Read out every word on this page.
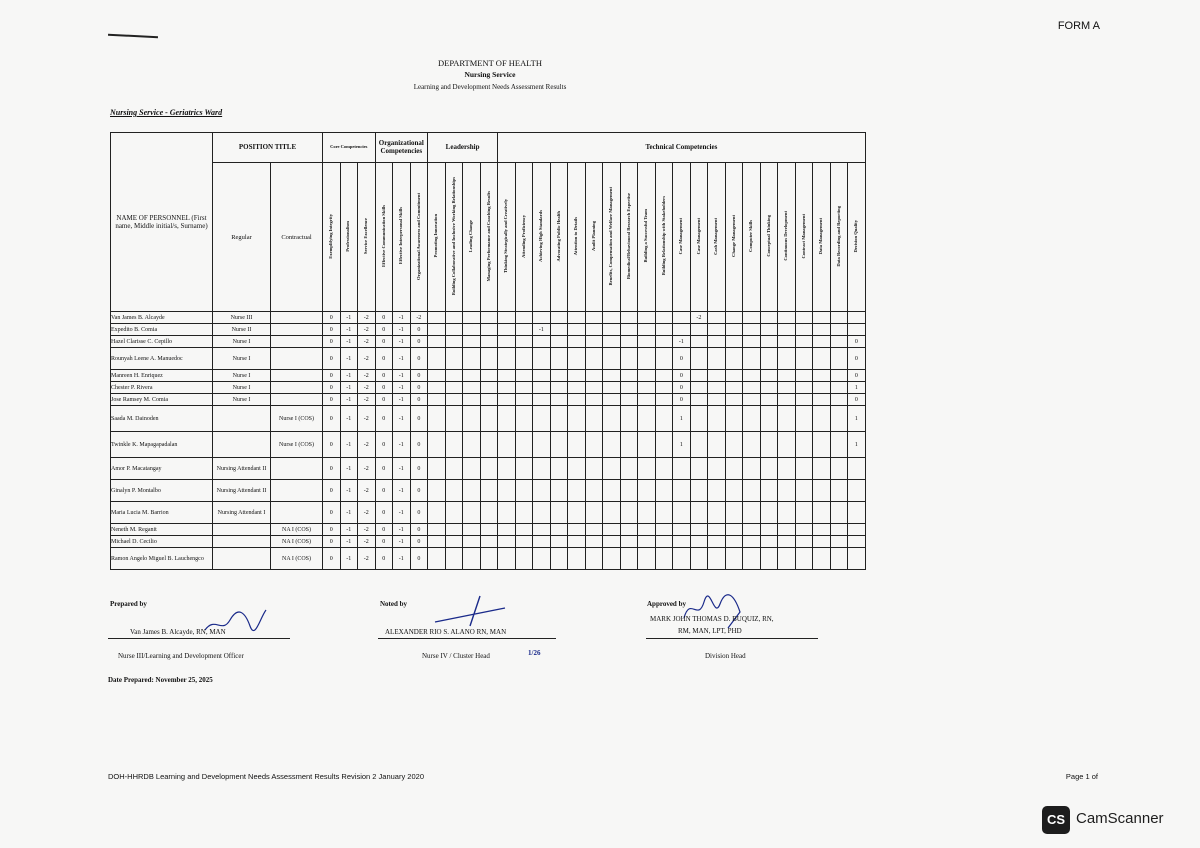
FORM A
DEPARTMENT OF HEALTH
Nursing Service
Learning and Development Needs Assessment Results
Nursing Service - Geriatrics Ward
NAME OF PERSONNEL (First name, Middle initial/s, Surname)	POSITION TITLE		Core Competencies			Organizational Competencies			Leadership				Technical Competencies																				
	Regular	Contractual	Exemplifying Integrity	Professionalism	Service Excellence	Effective Communication Skills	Effective Interpersonal Skills	Organizational Awareness and Commitment	Promoting Innovation	Building Collaborative and Inclusive Working Relationships	Leading Change	Managing Performance and Coaching Results	Thinking Strategically and Creatively	Attending Proficiency	Achieving High Standards	Advocating Public Health	Attention to Details	Audit Planning	Benefits, Compensation and Welfare Management	Biomedical/Behavioural Research Expertise	Building a Successful Team	Building Relationship with Stakeholders	Case Management	Case Management	Cash Management	Change Management	Computer Skills	Conceptual Thinking	Continuous Development	Contract Management	Data Management	Data Recording and Reporting	Decision Quality
Van James B. Alcayde	Nurse III		0	-1	-2	0	-1	-2																-2									
Expedito B. Comia	Nurse II		0	-1	-2	0	-1	0							-1																		
Hazel Clarisse C. Cepillo	Nurse I		0	-1	-2	0	-1	0															-1										0
Rounyah Leene A. Manuedoc	Nurse I		0	-1	-2	0	-1	0															0										0
Manreen H. Enriquez	Nurse I		0	-1	-2	0	-1	0															0										0
Chester P. Rivera	Nurse I		0	-1	-2	0	-1	0															0										1
Jose Ramsey M. Comia	Nurse I		0	-1	-2	0	-1	0															0										0
Saada M. Dainoden		Nurse I (COS)	0	-1	-2	0	-1	0															1										1
Twinkle K. Mapagapadalan		Nurse I (COS)	0	-1	-2	0	-1	0															1										1
Amor P. Macatangay	Nursing Attendant II		0	-1	-2	0	-1	0																									
Ginalyn P. Montalbo	Nursing Attendant II		0	-1	-2	0	-1	0																									
Maria Lucia M. Barrion	Nursing Attendant I		0	-1	-2	0	-1	0																									
Neneth M. Reganit		NA I (COS)	0	-1	-2	0	-1	0																									
Michael D. Cecilio		NA I (COS)	0	-1	-2	0	-1	0																									
Ramon Angelo Miguel B. Lauchengco		NA I (COS)	0	-1	-2	0	-1	0																									
Prepared by
Van James B. Alcayde, RN, MAN
Nurse III/Learning and Development Officer
Noted by
ALEXANDER RIO S. ALANO RN, MAN
Nurse IV / Cluster Head	1/26
Approved by
MARK JOHN THOMAS D. BUQUIZ, RN,
RM, MAN, LPT, PHD
Division Head
Date Prepared: November 25, 2025
DOH-HHRDB Learning and Development Needs Assessment Results Revision 2 January 2020	Page 1 of
CS CamScanner
